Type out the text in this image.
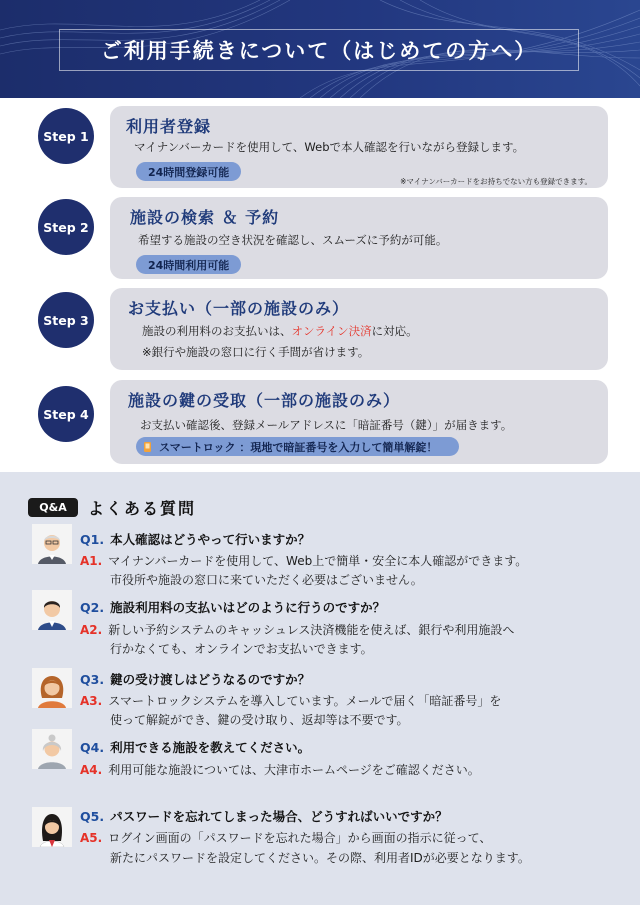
ご利用手続きについて（はじめての方へ）
Step 1	利用者登録
マイナンバーカードを使用して、Webで本人確認を行いながら登録します。
24時間登録可能
※マイナンバーカードをお持ちでない方も登録できます。
Step 2	施設の検索 ＆ 予約
希望する施設の空き状況を確認し、スムーズに予約が可能。
24時間利用可能
Step 3
お支払い（一部の施設のみ）
施設の利用料のお支払いは、オンライン決済に対応。
※銀行や施設の窓口に行く手間が省けます。
Step 4
施設の鍵の受取（一部の施設のみ）
お支払い確認後、登録メールアドレスに「暗証番号（鍵）」が届きます。
スマートロック ：現地で暗証番号を入力して簡単解錠！
Q&A	よくある質問
Q1. 本人確認はどうやって行いますか？
A1. マイナンバーカードを使用して、Web上で簡単・安全に本人確認ができます。
市役所や施設の窓口に来ていただく必要はございません。
Q2. 施設利用料の支払いはどのように行うのですか？
A2. 新しい予約システムのキャッシュレス決済機能を使えば、銀行や利用施設へ
行かなくても、オンラインでお支払いできます。
Q3. 鍵の受け渡しはどうなるのですか？
A3. スマートロックシステムを導入しています。メールで届く「暗証番号」を
使って解錠ができ、鍵の受け取り、返却等は不要です。
Q4. 利用できる施設を教えてください。
A4. 利用可能な施設については、大津市ホームページをご確認ください。
Q5. パスワードを忘れてしまった場合、どうすればいいですか？
A5. ログイン画面の「パスワードを忘れた場合」から画面の指示に従って、
新たにパスワードを設定してください。その際、利用者IDが必要となります。
